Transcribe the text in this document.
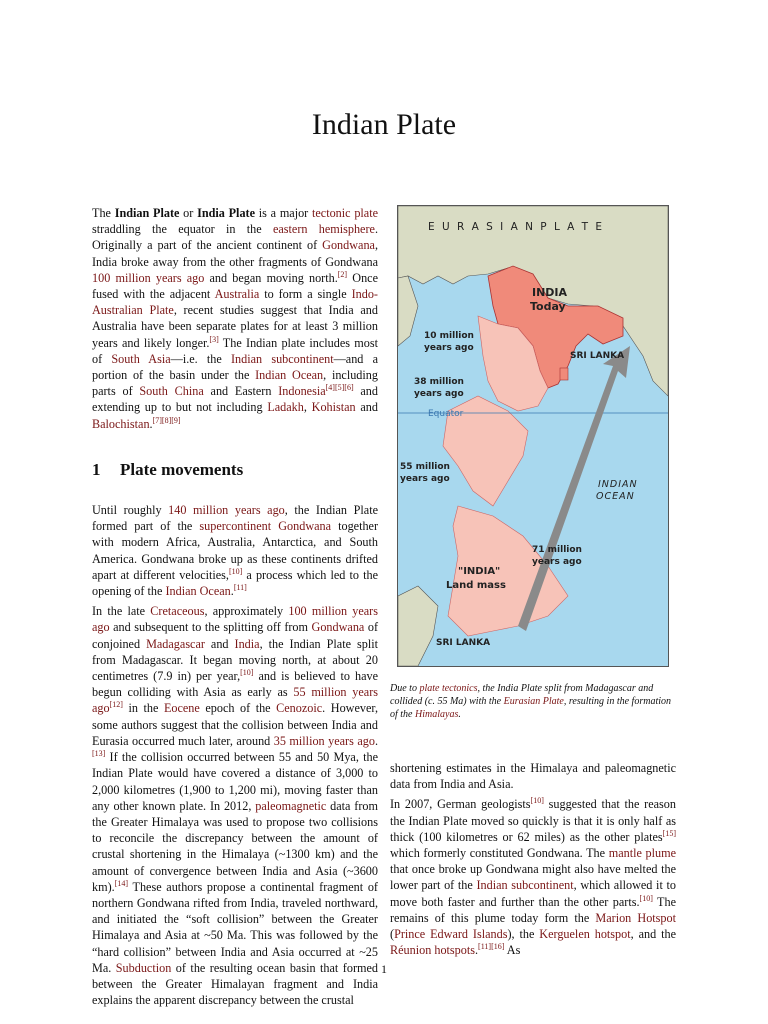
Indian Plate

The Indian Plate or India Plate is a major tectonic plate straddling the equator in the eastern hemisphere. Originally a part of the ancient continent of Gondwana, India broke away from the other fragments of Gondwana 100 million years ago and began moving north.[2] Once fused with the adjacent Australia to form a single Indo-Australian Plate, recent studies suggest that India and Australia have been separate plates for at least 3 million years and likely longer.[3] The Indian plate includes most of South Asia—i.e. the Indian subcontinent—and a portion of the basin under the Indian Ocean, including parts of South China and Eastern Indonesia[4][5][6] and extending up to but not including Ladakh, Kohistan and Balochistan.[7][8][9]

1 Plate movements

Until roughly 140 million years ago, the Indian Plate formed part of the supercontinent Gondwana together with modern Africa, Australia, Antarctica, and South America. Gondwana broke up as these continents drifted apart at different velocities,[10] a process which led to the opening of the Indian Ocean.[11]

In the late Cretaceous, approximately 100 million years ago and subsequent to the splitting off from Gondwana of conjoined Madagascar and India, the Indian Plate split from Madagascar. It began moving north, at about 20 centimetres (7.9 in) per year,[10] and is believed to have begun colliding with Asia as early as 55 million years ago[12] in the Eocene epoch of the Cenozoic. However, some authors suggest that the collision between India and Eurasia occurred much later, around 35 million years ago.[13] If the collision occurred between 55 and 50 Mya, the Indian Plate would have covered a distance of 3,000 to 2,000 kilometres (1,900 to 1,200 mi), moving faster than any other known plate. In 2012, paleomagnetic data from the Greater Himalaya was used to propose two collisions to reconcile the discrepancy between the amount of crustal shortening in the Himalaya (~1300 km) and the amount of convergence between India and Asia (~3600 km).[14] These authors propose a continental fragment of northern Gondwana rifted from India, traveled northward, and initiated the “soft collision” between the Greater Himalaya and Asia at ~50 Ma. This was followed by the “hard collision” between India and Asia occurred at ~25 Ma. Subduction of the resulting ocean basin that formed between the Greater Himalayan fragment and India explains the apparent discrepancy between the crustal

E U R A S I A N P L A T E
INDIA
Today
10 million
years ago
SRI LANKA
38 million
years ago
Equator
55 million
years ago	INDIAN
OCEAN
71 million
years ago
"INDIA"
Land mass
SRI LANKA
Due to plate tectonics, the India Plate split from Madagascar and collided (c. 55 Ma) with the Eurasian Plate, resulting in the formation of the Himalayas.

shortening estimates in the Himalaya and paleomagnetic data from India and Asia.

In 2007, German geologists[10] suggested that the reason the Indian Plate moved so quickly is that it is only half as thick (100 kilometres or 62 miles) as the other plates[15] which formerly constituted Gondwana. The mantle plume that once broke up Gondwana might also have melted the lower part of the Indian subcontinent, which allowed it to move both faster and further than the other parts.[10] The remains of this plume today form the Marion Hotspot (Prince Edward Islands), the Kerguelen hotspot, and the Réunion hotspots.[11][16] As

1
